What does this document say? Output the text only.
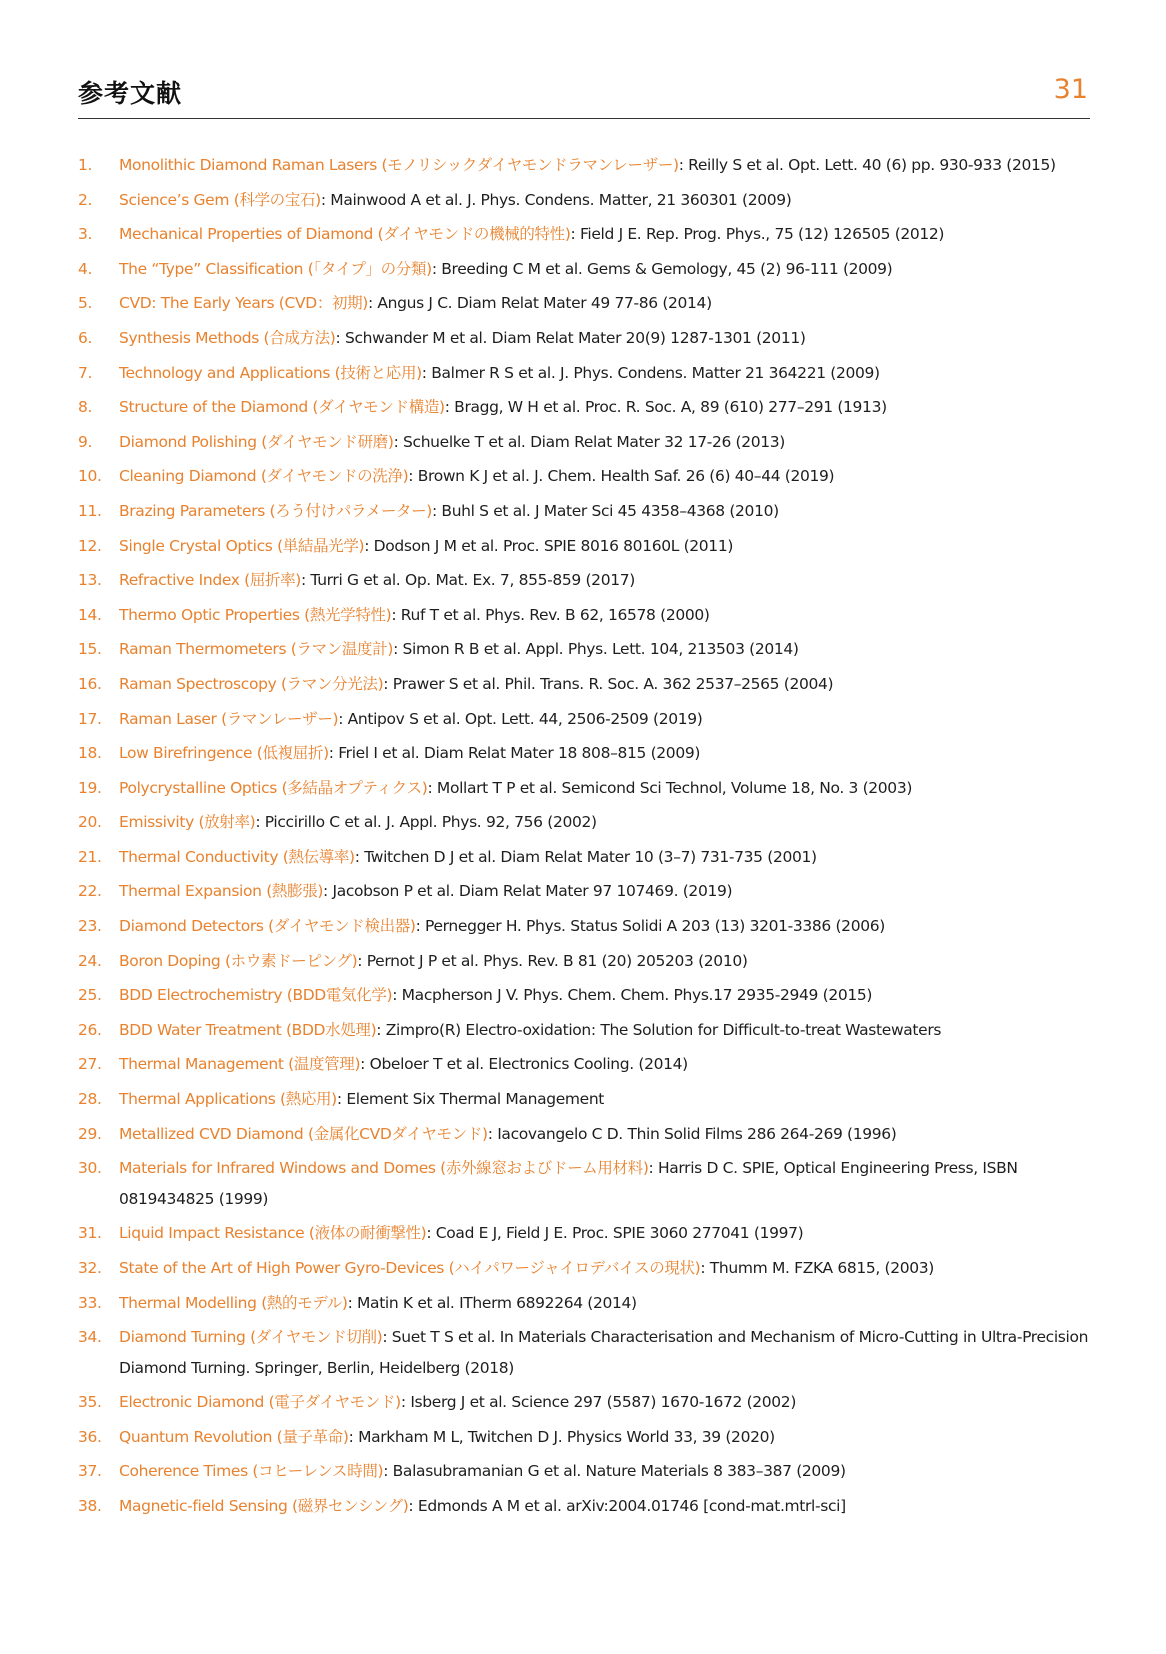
参考文献	31
1. Monolithic Diamond Raman Lasers (モノリシックダイヤモンドラマンレーザー): Reilly S et al. Opt. Lett. 40 (6) pp. 930-933 (2015)
2. Science’s Gem (科学の宝石): Mainwood A et al. J. Phys. Condens. Matter, 21 360301 (2009)
3. Mechanical Properties of Diamond (ダイヤモンドの機械的特性): Field J E. Rep. Prog. Phys., 75 (12) 126505 (2012)
4. The “Type” Classification (「タイプ」の分類): Breeding C M et al. Gems & Gemology, 45 (2) 96-111 (2009)
5. CVD: The Early Years (CVD：初期): Angus J C. Diam Relat Mater 49 77-86 (2014)
6. Synthesis Methods (合成方法): Schwander M et al. Diam Relat Mater 20(9) 1287-1301 (2011)
7. Technology and Applications (技術と応用): Balmer R S et al. J. Phys. Condens. Matter 21 364221 (2009)
8. Structure of the Diamond (ダイヤモンド構造): Bragg, W H et al. Proc. R. Soc. A, 89 (610) 277–291 (1913)
9. Diamond Polishing (ダイヤモンド研磨): Schuelke T et al. Diam Relat Mater 32 17-26 (2013)
10. Cleaning Diamond (ダイヤモンドの洗浄): Brown K J et al. J. Chem. Health Saf. 26 (6) 40–44 (2019)
11. Brazing Parameters (ろう付けパラメーター): Buhl S et al. J Mater Sci 45 4358–4368 (2010)
12. Single Crystal Optics (単結晶光学): Dodson J M et al. Proc. SPIE 8016 80160L (2011)
13. Refractive Index (屈折率): Turri G et al. Op. Mat. Ex. 7, 855-859 (2017)
14. Thermo Optic Properties (熱光学特性): Ruf T et al. Phys. Rev. B 62, 16578 (2000)
15. Raman Thermometers (ラマン温度計): Simon R B et al. Appl. Phys. Lett. 104, 213503 (2014)
16. Raman Spectroscopy (ラマン分光法): Prawer S et al. Phil. Trans. R. Soc. A. 362 2537–2565 (2004)
17. Raman Laser (ラマンレーザー): Antipov S et al. Opt. Lett. 44, 2506-2509 (2019)
18. Low Birefringence (低複屈折): Friel I et al. Diam Relat Mater 18 808–815 (2009)
19. Polycrystalline Optics (多結晶オプティクス): Mollart T P et al. Semicond Sci Technol, Volume 18, No. 3 (2003)
20. Emissivity (放射率): Piccirillo C et al. J. Appl. Phys. 92, 756 (2002)
21. Thermal Conductivity (熱伝導率): Twitchen D J et al. Diam Relat Mater 10 (3–7) 731-735 (2001)
22. Thermal Expansion (熱膨張): Jacobson P et al. Diam Relat Mater 97 107469. (2019)
23. Diamond Detectors (ダイヤモンド検出器): Pernegger H. Phys. Status Solidi A 203 (13) 3201-3386 (2006)
24. Boron Doping (ホウ素ドーピング): Pernot J P et al. Phys. Rev. B 81 (20) 205203 (2010)
25. BDD Electrochemistry (BDD電気化学): Macpherson J V. Phys. Chem. Chem. Phys.17 2935-2949 (2015)
26. BDD Water Treatment (BDD水処理): Zimpro(R) Electro-oxidation: The Solution for Difficult-to-treat Wastewaters
27. Thermal Management (温度管理): Obeloer T et al. Electronics Cooling. (2014)
28. Thermal Applications (熱応用): Element Six Thermal Management
29. Metallized CVD Diamond (金属化CVDダイヤモンド): Iacovangelo C D. Thin Solid Films 286 264-269 (1996)
30. Materials for Infrared Windows and Domes (赤外線窓およびドーム用材料): Harris D C. SPIE, Optical Engineering Press, ISBN 0819434825 (1999)
31. Liquid Impact Resistance (液体の耐衝撃性): Coad E J, Field J E. Proc. SPIE 3060 277041 (1997)
32. State of the Art of High Power Gyro-Devices (ハイパワージャイロデバイスの現状): Thumm M. FZKA 6815, (2003)
33. Thermal Modelling (熱的モデル): Matin K et al. ITherm 6892264 (2014)
34. Diamond Turning (ダイヤモンド切削): Suet T S et al. In Materials Characterisation and Mechanism of Micro-Cutting in Ultra-Precision Diamond Turning. Springer, Berlin, Heidelberg (2018)
35. Electronic Diamond (電子ダイヤモンド): Isberg J et al. Science 297 (5587) 1670-1672 (2002)
36. Quantum Revolution (量子革命): Markham M L, Twitchen D J. Physics World 33, 39 (2020)
37. Coherence Times (コヒーレンス時間): Balasubramanian G et al. Nature Materials 8 383–387 (2009)
38. Magnetic-field Sensing (磁界センシング): Edmonds A M et al. arXiv:2004.01746 [cond-mat.mtrl-sci]
